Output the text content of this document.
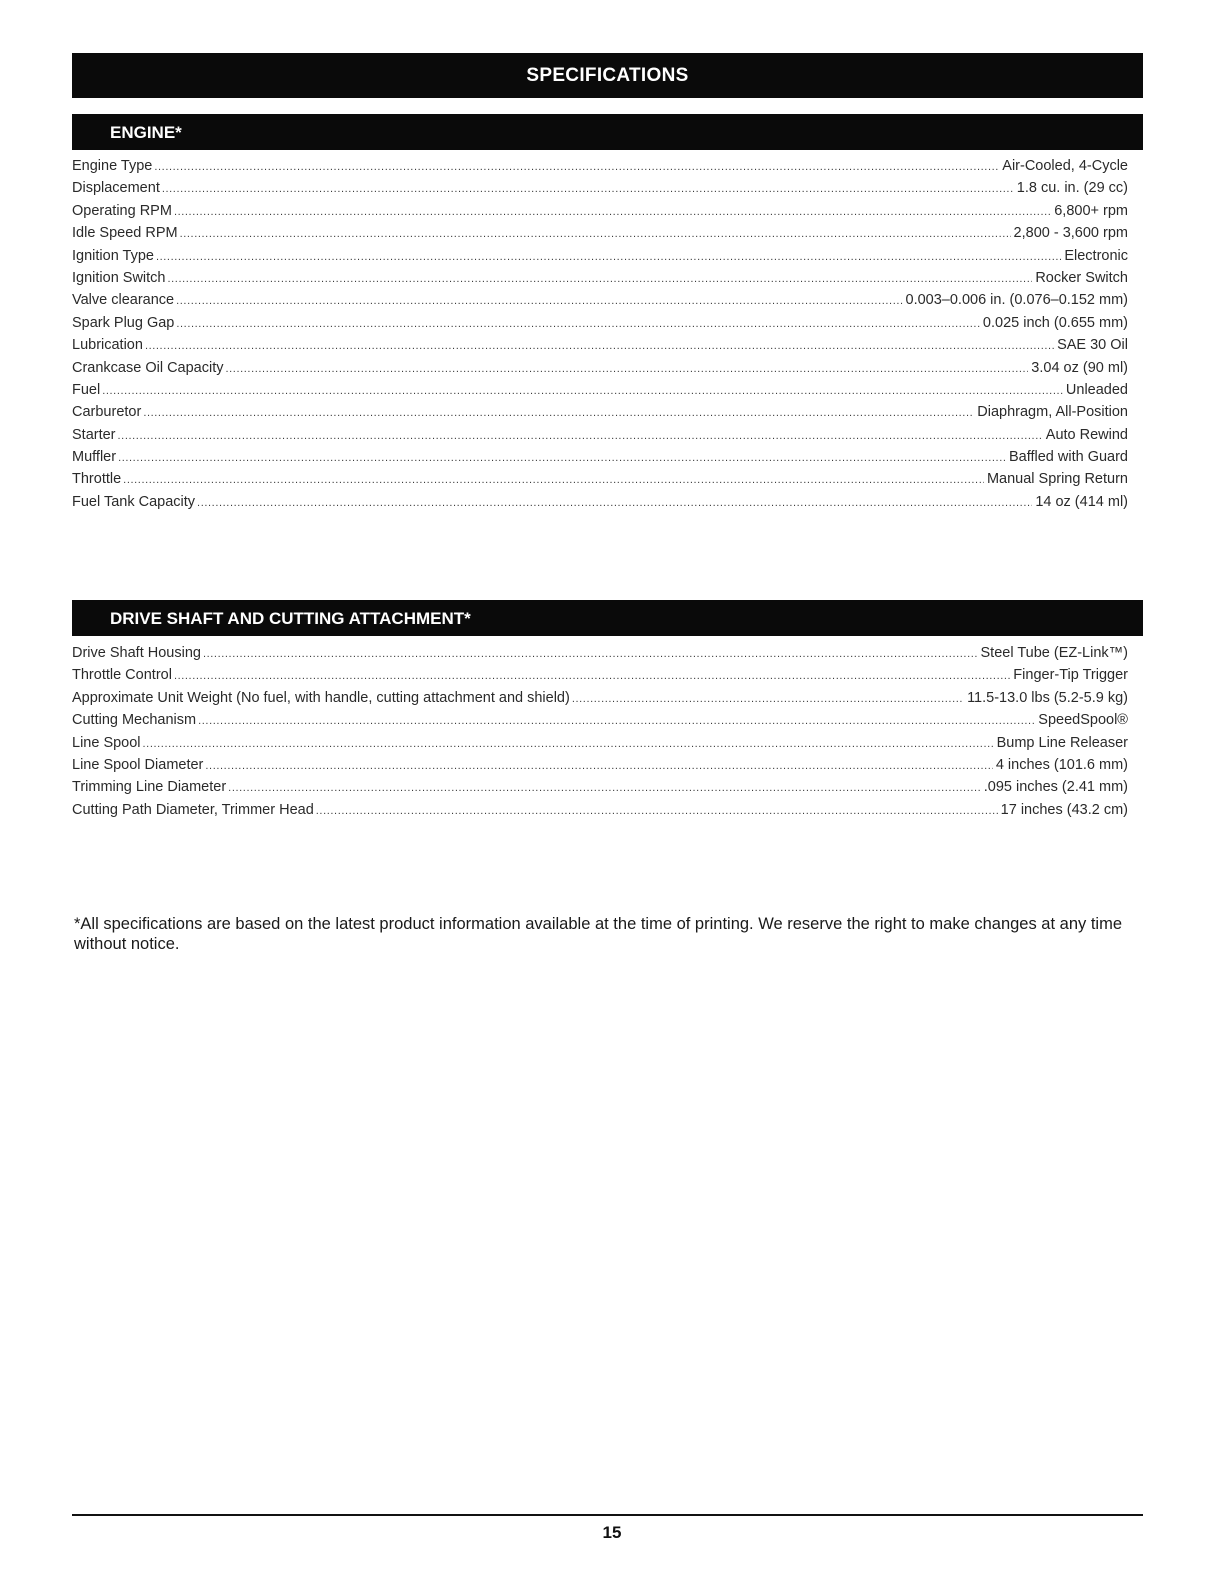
SPECIFICATIONS
ENGINE*
Engine Type .....	Air-Cooled, 4-Cycle
Displacement .....	1.8 cu. in. (29 cc)
Operating RPM .....	6,800+ rpm
Idle Speed RPM .....	2,800 - 3,600 rpm
Ignition Type .....	Electronic
Ignition Switch .....	Rocker Switch
Valve clearance .....	0.003–0.006 in. (0.076–0.152 mm)
Spark Plug Gap .....	0.025 inch (0.655 mm)
Lubrication .....	SAE 30 Oil
Crankcase Oil Capacity .....	3.04 oz (90 ml)
Fuel .....	Unleaded
Carburetor .....	Diaphragm, All-Position
Starter .....	Auto Rewind
Muffler .....	Baffled with Guard
Throttle .....	Manual Spring Return
Fuel Tank Capacity .....	14 oz (414 ml)
DRIVE SHAFT AND CUTTING ATTACHMENT*
Drive Shaft Housing .....	Steel Tube (EZ-Link™)
Throttle Control .....	Finger-Tip Trigger
Approximate Unit Weight (No fuel, with handle, cutting attachment and shield) .....	11.5-13.0 lbs (5.2-5.9 kg)
Cutting Mechanism .....	SpeedSpool®
Line Spool .....	Bump Line Releaser
Line Spool Diameter .....	4 inches (101.6 mm)
Trimming Line Diameter .....	.095 inches (2.41 mm)
Cutting Path Diameter, Trimmer Head .....	17 inches (43.2 cm)

*All specifications are based on the latest product information available at the time of printing. We reserve the right to make changes at any time without notice.

15
